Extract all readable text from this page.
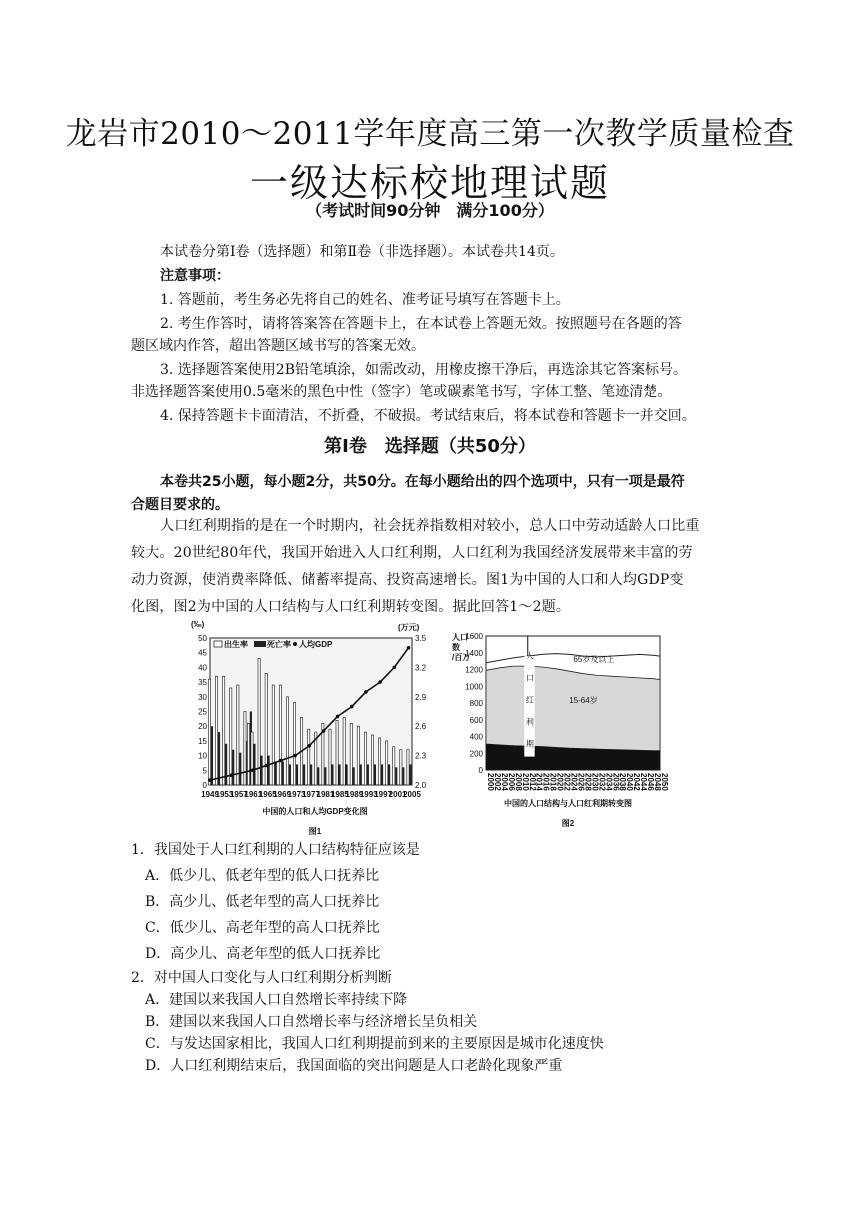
龙岩市2010～2011学年度高三第一次教学质量检查
一级达标校地理试题
（考试时间90分钟　满分100分）
本试卷分第Ⅰ卷（选择题）和第Ⅱ卷（非选择题）。本试卷共14页。
注意事项：
1. 答题前，考生务必先将自己的姓名、准考证号填写在答题卡上。
2. 考生作答时，请将答案答在答题卡上，在本试卷上答题无效。按照题号在各题的答
题区域内作答，超出答题区域书写的答案无效。
3. 选择题答案使用2B铅笔填涂，如需改动，用橡皮擦干净后，再选涂其它答案标号。
非选择题答案使用0.5毫米的黑色中性（签字）笔或碳素笔书写，字体工整、笔迹清楚。
4. 保持答题卡卡面清洁，不折叠，不破损。考试结束后，将本试卷和答题卡一并交回。
第Ⅰ卷　选择题（共50分）
本卷共25小题，每小题2分，共50分。在每小题给出的四个选项中，只有一项是最符
合题目要求的。
人口红利期指的是在一个时期内，社会抚养指数相对较小，总人口中劳动适龄人口比重
较大。20世纪80年代，我国开始进入人口红利期，人口红利为我国经济发展带来丰富的劳
动力资源，使消费率降低、储蓄率提高、投资高速增长。图1为中国的人口和人均GDP变
化图，图2为中国的人口结构与人口红利期转变图。据此回答1～2题。
(‰)	(万元)
0
5
10
15
20
25
30
35
40
45
50
2.0
2.3
2.6
2.9
3.2
3.5
出生率 死亡率 人均GDP
1949
1953
1957
1961
1965
1969
1973
1977
1981
1985
1989
1993
1997
2001
2005
中国的人口和人均GDP变化图
图1
人口
数
/百万
0
200
400
600
800
1000
1200
1400
1600
人
口
红
利
期
65岁及以上
15-64岁
0-14岁
2000
2002
2004
2006
2008
2010
2012
2014
2016
2018
2020
2022
2024
2026
2028
2030
2032
2034
2036
2038
2040
2042
2044
2046
2048
2050
中国的人口结构与人口红利期转变图
图2
1．我国处于人口红利期的人口结构特征应该是
A．低少儿、低老年型的低人口抚养比
B．高少儿、低老年型的高人口抚养比
C．低少儿、高老年型的高人口抚养比
D．高少儿、高老年型的低人口抚养比
2．对中国人口变化与人口红利期分析判断
A．建国以来我国人口自然增长率持续下降
B．建国以来我国人口自然增长率与经济增长呈负相关
C．与发达国家相比，我国人口红利期提前到来的主要原因是城市化速度快
D．人口红利期结束后，我国面临的突出问题是人口老龄化现象严重
